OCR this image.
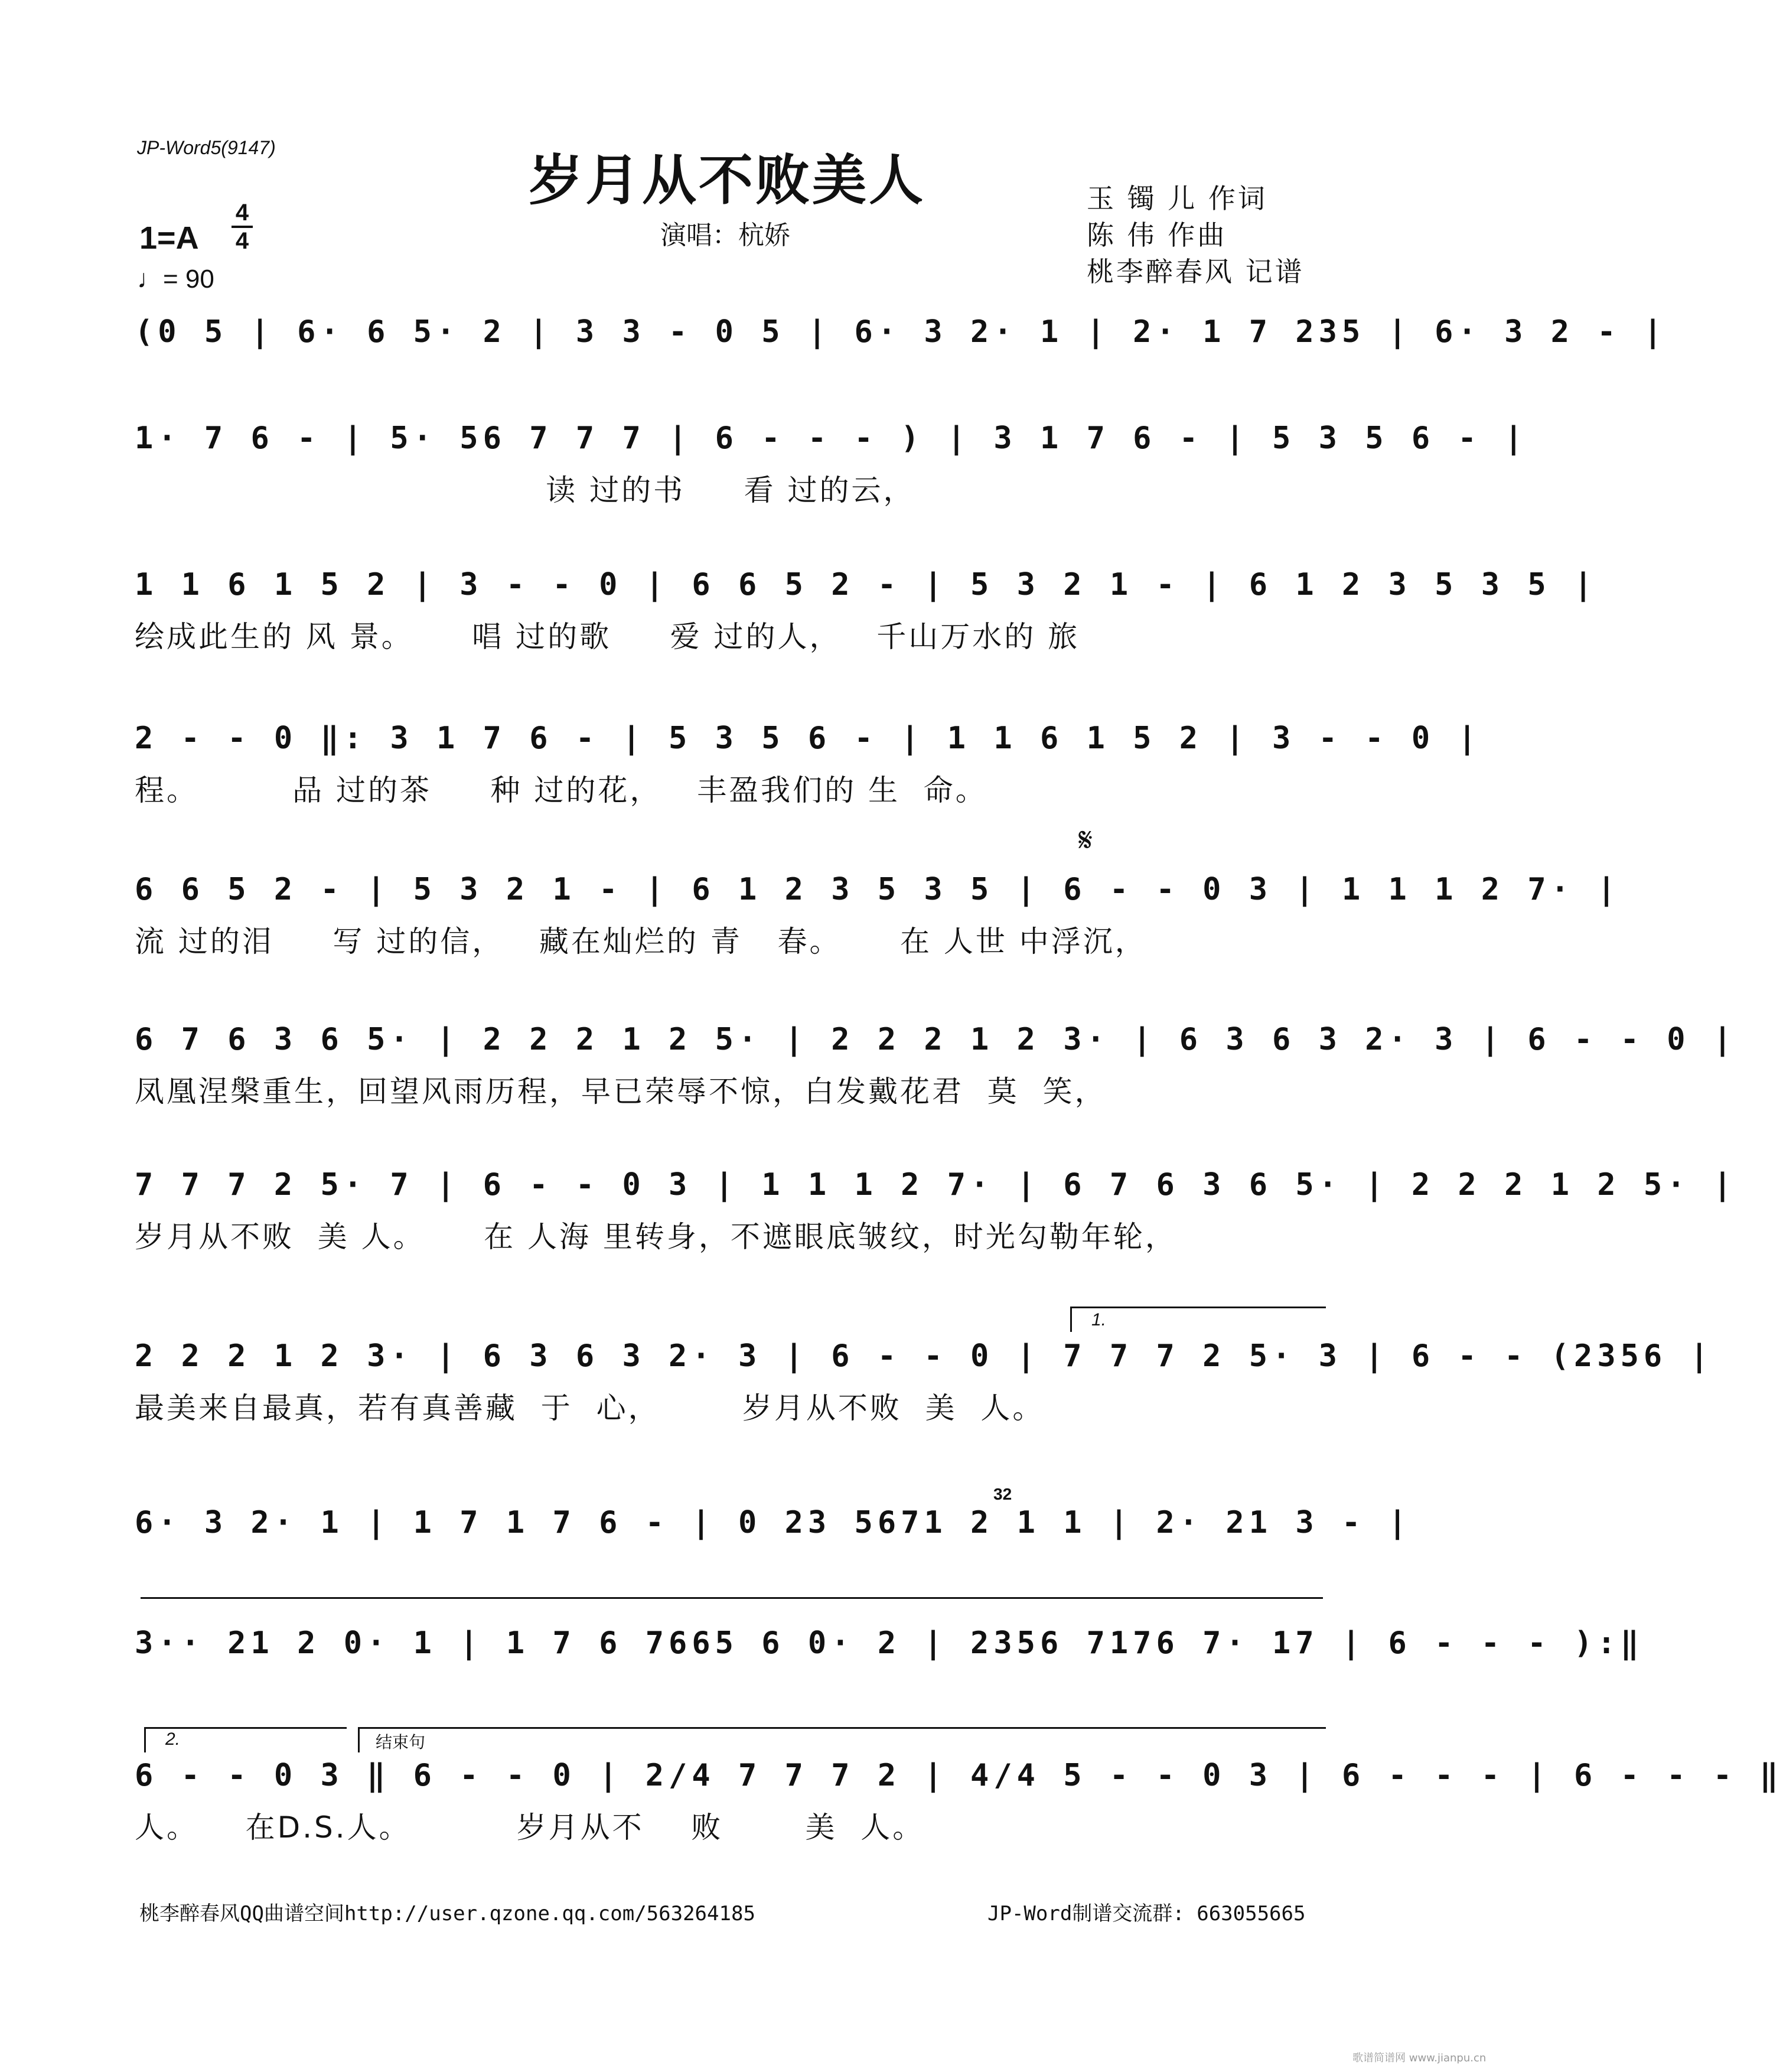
JP-Word5(9147)
岁月从不败美人
演唱：杭娇
玉 镯 儿 作词
陈 伟 作曲
桃李醉春风 记谱
1=A
4
4
♩= 90
(0 5 | 6· 6 5· 2 | 3 3 - 0 5 | 6· 3 2· 1 | 2· 1 7 235 | 6· 3 2 - |
1· 7 6 - | 5· 56 7 7 7 | 6 - - - ) | 3 1 7 6 - | 5 3 5 6 - |
读 过的书     看 过的云，
1 1 6 1 5 2 | 3 - - 0 | 6 6 5 2 - | 5 3 2 1 - | 6 1 2 3 5 3 5 |
绘成此生的 风 景。     唱 过的歌     爱 过的人，   千山万水的 旅
2 - - 0 ‖: 3 1 7 6 - | 5 3 5 6 - | 1 1 6 1 5 2 | 3 - - 0 |
程。        品 过的茶     种 过的花，   丰盈我们的 生  命。
𝄋
6 6 5 2 - | 5 3 2 1 - | 6 1 2 3 5 3 5 | 6 - - 0 3 | 1 1 1 2 7· |
流 过的泪     写 过的信，   藏在灿烂的 青   春。     在 人世 中浮沉，
6 7 6 3 6 5· | 2 2 2 1 2 5· | 2 2 2 1 2 3· | 6 3 6 3 2· 3 | 6 - - 0 |
凤凰涅槃重生，回望风雨历程，早已荣辱不惊，白发戴花君  莫  笑，
7 7 7 2 5· 7 | 6 - - 0 3 | 1 1 1 2 7· | 6 7 6 3 6 5· | 2 2 2 1 2 5· |
岁月从不败  美 人。     在 人海 里转身，不遮眼底皱纹，时光勾勒年轮，
1.
2 2 2 1 2 3· | 6 3 6 3 2· 3 | 6 - - 0 | 7 7 7 2 5· 3 | 6 - - (2356 |
最美来自最真，若有真善藏  于  心，       岁月从不败  美  人。
32
6· 3 2· 1 | 1 7 1 7 6 - | 0 23 5671 2 1 1 | 2· 21 3 - |
3·· 21 2 0· 1 | 1 7 6 7665 6 0· 2 | 2356 7176 7· 17 | 6 - - - ):‖
2.	结束句
6 - - 0 3 ‖ 6 - - 0 | 2/4 7 7 7 2 | 4/4 5 - - 0 3 | 6 - - - | 6 - - - ‖
人。    在D.S.人。         岁月从不    败       美  人。
桃李醉春风QQ曲谱空间http://user.qzone.qq.com/563264185	JP-Word制谱交流群: 663055665
歌谱简谱网 www.jianpu.cn
